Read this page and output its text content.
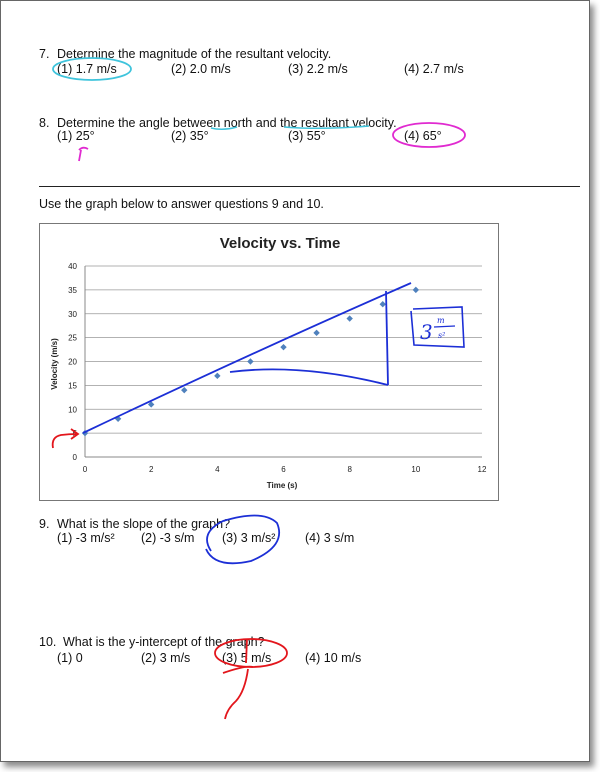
7. Determine the magnitude of the resultant velocity.
(1) 1.7 m/s	(2) 2.0 m/s	(3) 2.2 m/s	(4) 2.7 m/s
8. Determine the angle between north and the resultant velocity.
(1) 25°	(2) 35°	(3) 55°	(4) 65°
Use the graph below to answer questions 9 and 10.
Velocity vs. Time
0
5
10
15
20
25
30
35
40
0	2	4	6	8	10	12
Time (s)
Velocity (m/s)
9. What is the slope of the graph?
(1) -3 m/s² (2) -3 s/m (3) 3 m/s² (4) 3 s/m
10. What is the y-intercept of the graph?
(1) 0	(2) 3 m/s	(3) 5 m/s	(4) 10 m/s
3 m
s²
